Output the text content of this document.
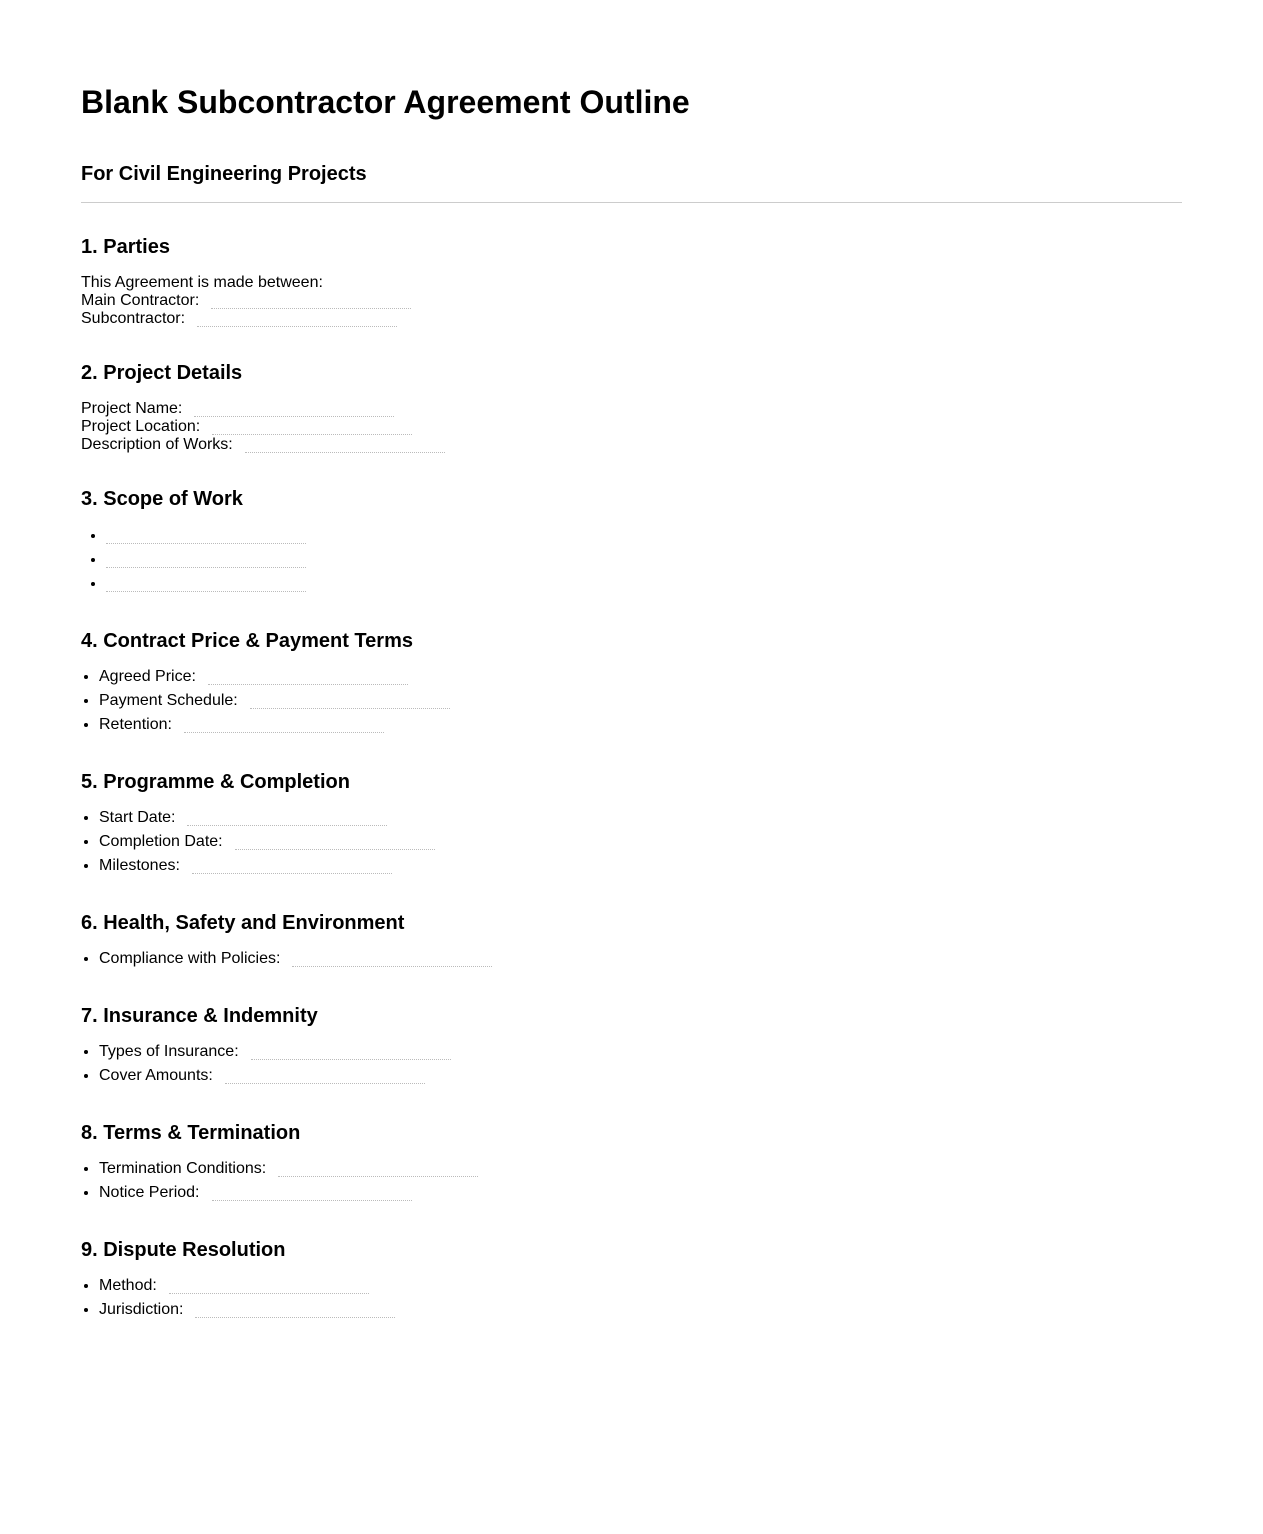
Blank Subcontractor Agreement Outline
For Civil Engineering Projects
1. Parties
This Agreement is made between:
Main Contractor:
Subcontractor:
2. Project Details
Project Name:
Project Location:
Description of Works:
3. Scope of Work
•
•
•
4. Contract Price & Payment Terms
• Agreed Price:
• Payment Schedule:
• Retention:
5. Programme & Completion
• Start Date:
• Completion Date:
• Milestones:
6. Health, Safety and Environment
• Compliance with Policies:
7. Insurance & Indemnity
• Types of Insurance:
• Cover Amounts:
8. Terms & Termination
• Termination Conditions:
• Notice Period:
9. Dispute Resolution
• Method:
• Jurisdiction:
